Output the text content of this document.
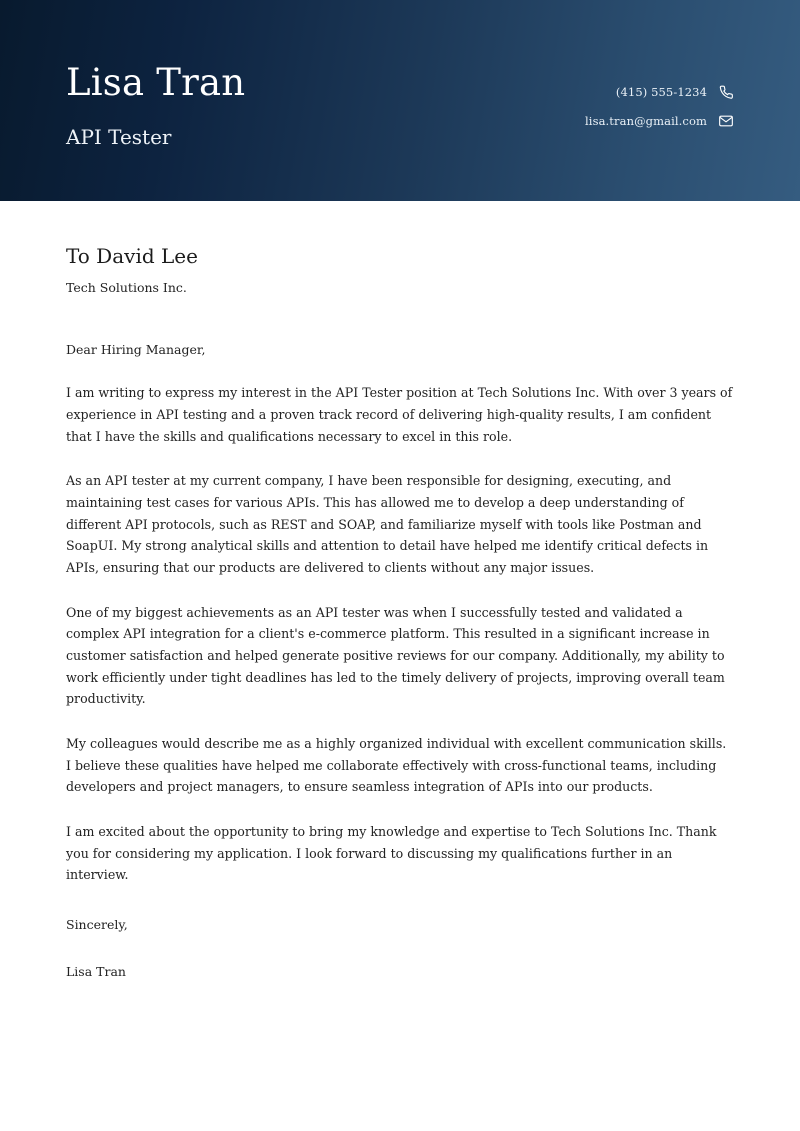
Lisa Tran
API Tester
(415) 555-1234
lisa.tran@gmail.com
To David Lee
Tech Solutions Inc.
Dear Hiring Manager,
I am writing to express my interest in the API Tester position at Tech Solutions Inc. With over 3 years of experience in API testing and a proven track record of delivering high-quality results, I am confident that I have the skills and qualifications necessary to excel in this role.
As an API tester at my current company, I have been responsible for designing, executing, and maintaining test cases for various APIs. This has allowed me to develop a deep understanding of different API protocols, such as REST and SOAP, and familiarize myself with tools like Postman and SoapUI. My strong analytical skills and attention to detail have helped me identify critical defects in APIs, ensuring that our products are delivered to clients without any major issues.
One of my biggest achievements as an API tester was when I successfully tested and validated a complex API integration for a client's e-commerce platform. This resulted in a significant increase in customer satisfaction and helped generate positive reviews for our company. Additionally, my ability to work efficiently under tight deadlines has led to the timely delivery of projects, improving overall team productivity.
My colleagues would describe me as a highly organized individual with excellent communication skills. I believe these qualities have helped me collaborate effectively with cross-functional teams, including developers and project managers, to ensure seamless integration of APIs into our products.
I am excited about the opportunity to bring my knowledge and expertise to Tech Solutions Inc. Thank you for considering my application. I look forward to discussing my qualifications further in an interview.
Sincerely,
Lisa Tran
